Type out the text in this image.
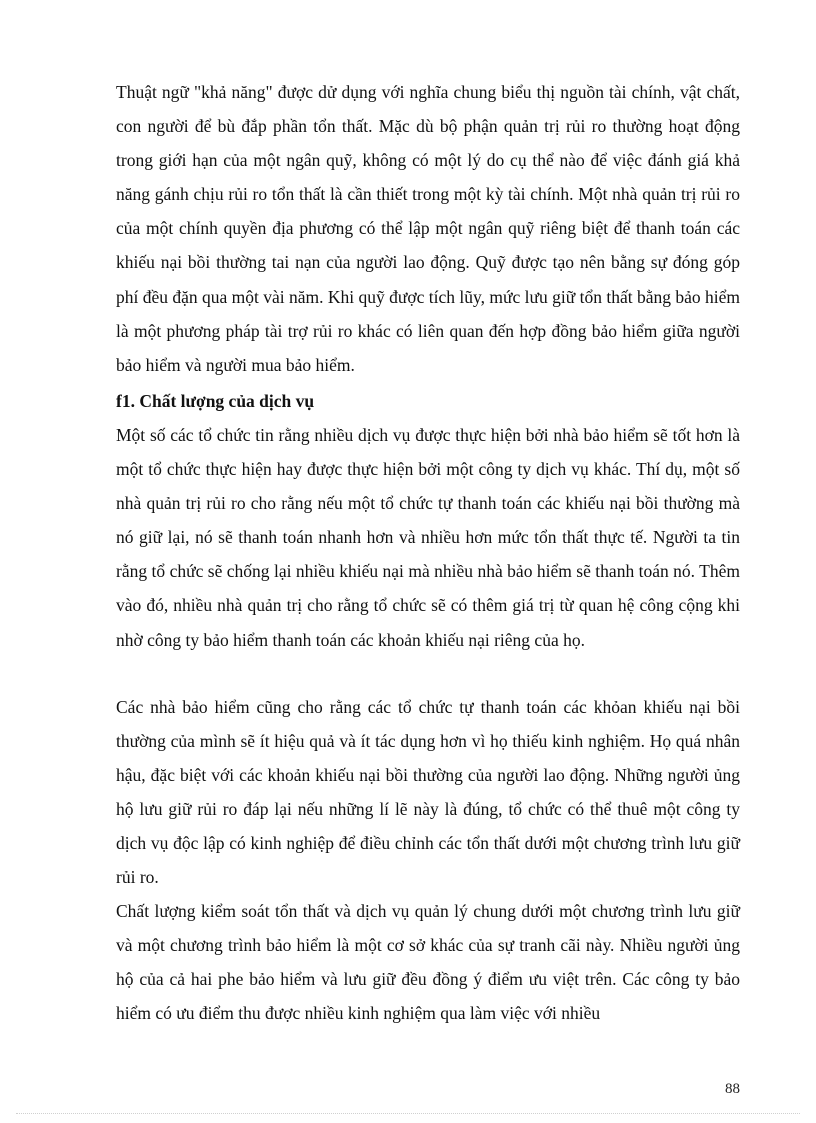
Thuật ngữ "khả năng" được dử dụng với nghĩa chung biểu thị nguồn tài chính, vật chất, con người để bù đắp phần tổn thất. Mặc dù bộ phận quản trị rủi ro thường hoạt động trong giới hạn của một ngân quỹ, không có một lý do cụ thể nào để việc đánh giá khả năng gánh chịu rủi ro tổn thất là cần thiết trong một kỳ tài chính. Một nhà quản trị rủi ro của một chính quyền địa phương có thể lập một ngân quỹ riêng biệt để thanh toán các khiếu nại bồi thường tai nạn của người lao động. Quỹ được tạo nên bằng sự đóng góp phí đều đặn qua một vài năm. Khi quỹ được tích lũy, mức lưu giữ tổn thất bằng bảo hiểm là một phương pháp tài trợ rủi ro khác có liên quan đến hợp đồng bảo hiểm giữa người bảo hiểm và người mua bảo hiểm.

f1. Chất lượng của dịch vụ

Một số các tổ chức tin rằng nhiều dịch vụ được thực hiện bởi nhà bảo hiểm sẽ tốt hơn là một tổ chức thực hiện hay được thực hiện bởi một công ty dịch vụ khác. Thí dụ, một số nhà quản trị rủi ro cho rằng nếu một tổ chức tự thanh toán các khiếu nại bồi thường mà nó giữ lại, nó sẽ thanh toán nhanh hơn và nhiều hơn mức tổn thất thực tế. Người ta tin rằng tổ chức sẽ chống lại nhiều khiếu nại mà nhiều nhà bảo hiểm sẽ thanh toán nó. Thêm vào đó, nhiều nhà quản trị cho rằng tổ chức sẽ có thêm giá trị từ quan hệ công cộng khi nhờ công ty bảo hiểm thanh toán các khoản khiếu nại riêng của họ.

Các nhà bảo hiểm cũng cho rằng các tổ chức tự thanh toán các khỏan khiếu nại bồi thường của mình sẽ ít hiệu quả và ít tác dụng hơn vì họ thiếu kinh nghiệm. Họ quá nhân hậu, đặc biệt với các khoản khiếu nại bồi thường của người lao động. Những người ủng hộ lưu giữ rủi ro đáp lại nếu những lí lẽ này là đúng, tổ chức có thể thuê một công ty dịch vụ độc lập có kinh nghiệp để điều chỉnh các tổn thất dưới một chương trình lưu giữ rủi ro.

Chất lượng kiểm soát tổn thất và dịch vụ quản lý chung dưới một chương trình lưu giữ và một chương trình bảo hiểm là một cơ sở khác của sự tranh cãi này. Nhiều người ủng hộ của cả hai phe bảo hiểm và lưu giữ đều đồng ý điểm ưu việt trên. Các công ty bảo hiểm có ưu điểm thu được nhiều kinh nghiệm qua làm việc với nhiều

88
